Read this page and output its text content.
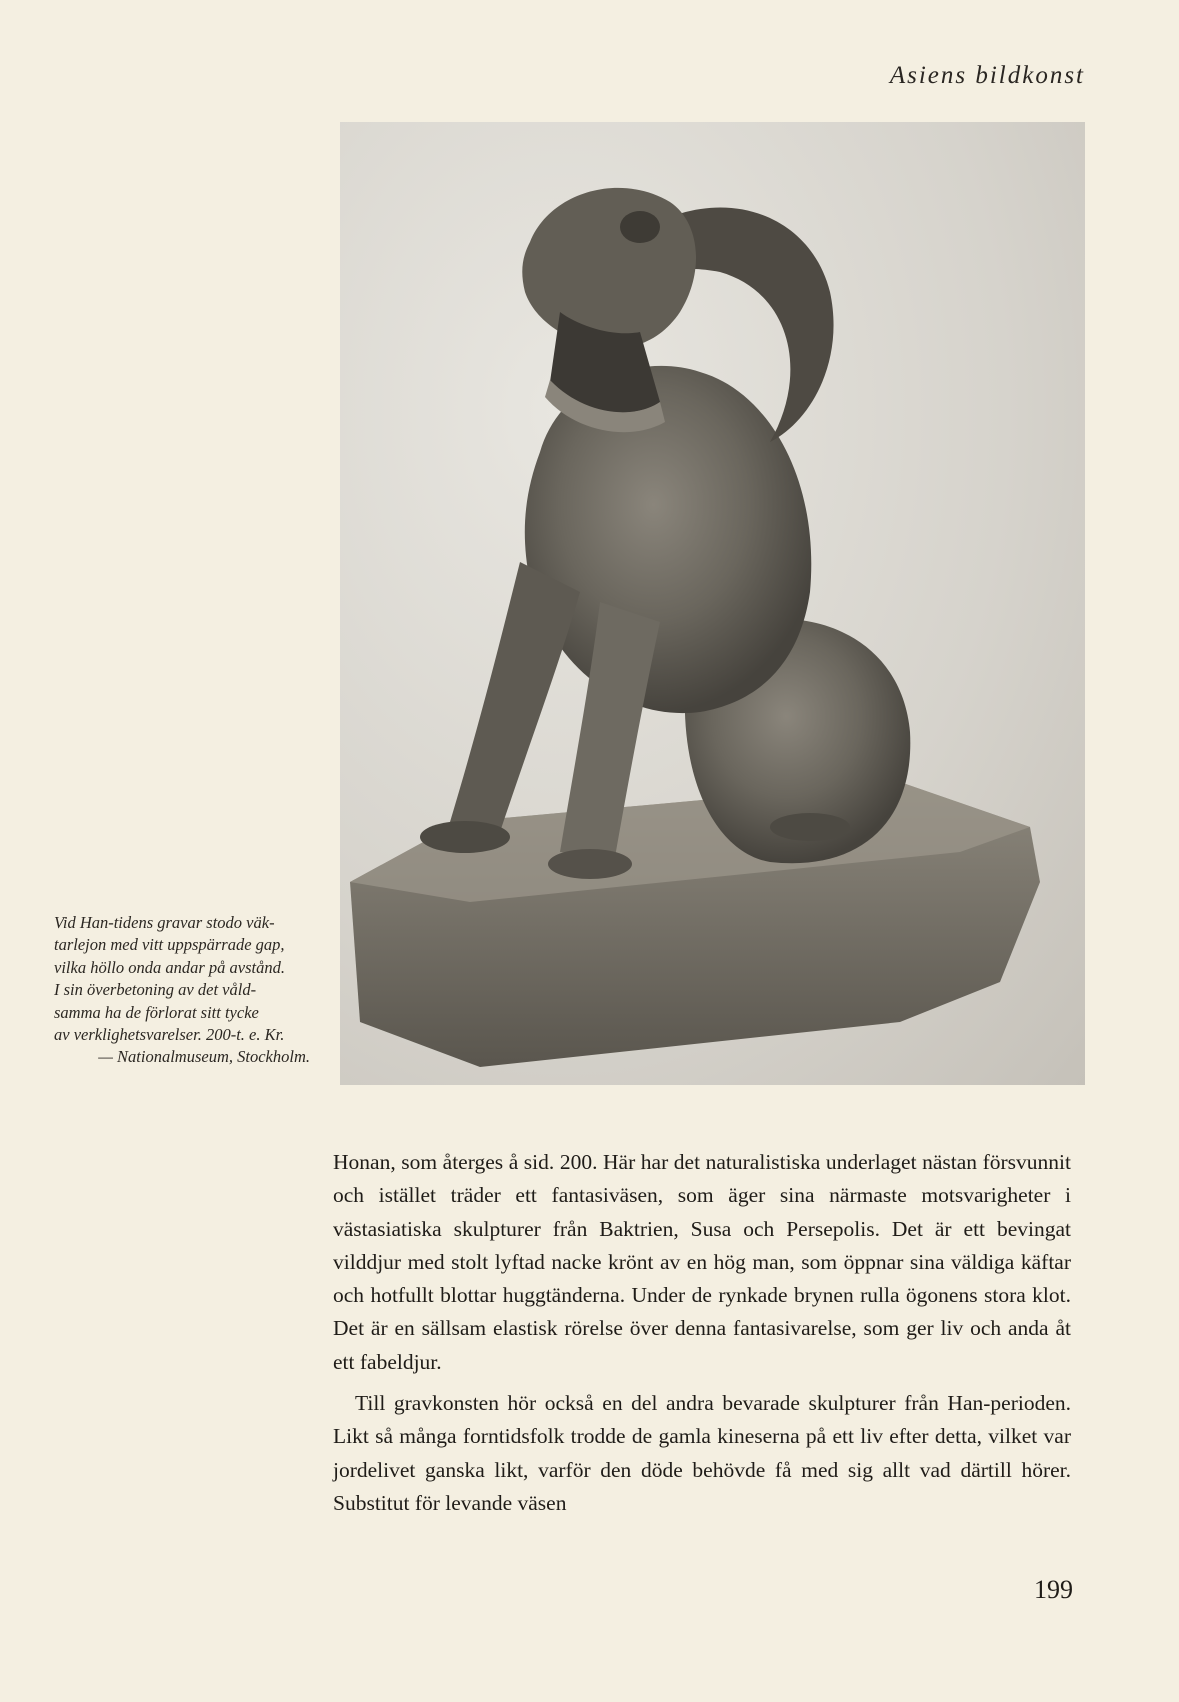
Asiens bildkonst
Vid Han-tidens gravar stodo väk-
tarlejon med vitt uppspärrade gap,
vilka höllo onda andar på avstånd.
I sin överbetoning av det våld-
samma ha de förlorat sitt tycke
av verklighetsvarelser. 200-t. e. Kr.
— Nationalmuseum, Stockholm.

Honan, som återges å sid. 200. Här har det naturalistiska underlaget nästan försvunnit och istället träder ett fantasiväsen, som äger sina närmaste motsvarigheter i västasiatiska skulpturer från Baktrien, Susa och Persepolis. Det är ett bevingat vilddjur med stolt lyftad nacke krönt av en hög man, som öppnar sina väldiga käftar och hotfullt blottar huggtänderna. Under de rynkade brynen rulla ögonens stora klot. Det är en sällsam elastisk rörelse över denna fantasivarelse, som ger liv och anda åt ett fabeldjur.

Till gravkonsten hör också en del andra bevarade skulpturer från Han-perioden. Likt så många forntidsfolk trodde de gamla kineserna på ett liv efter detta, vilket var jordelivet ganska likt, varför den döde behövde få med sig allt vad därtill hörer. Substitut för levande väsen

199
